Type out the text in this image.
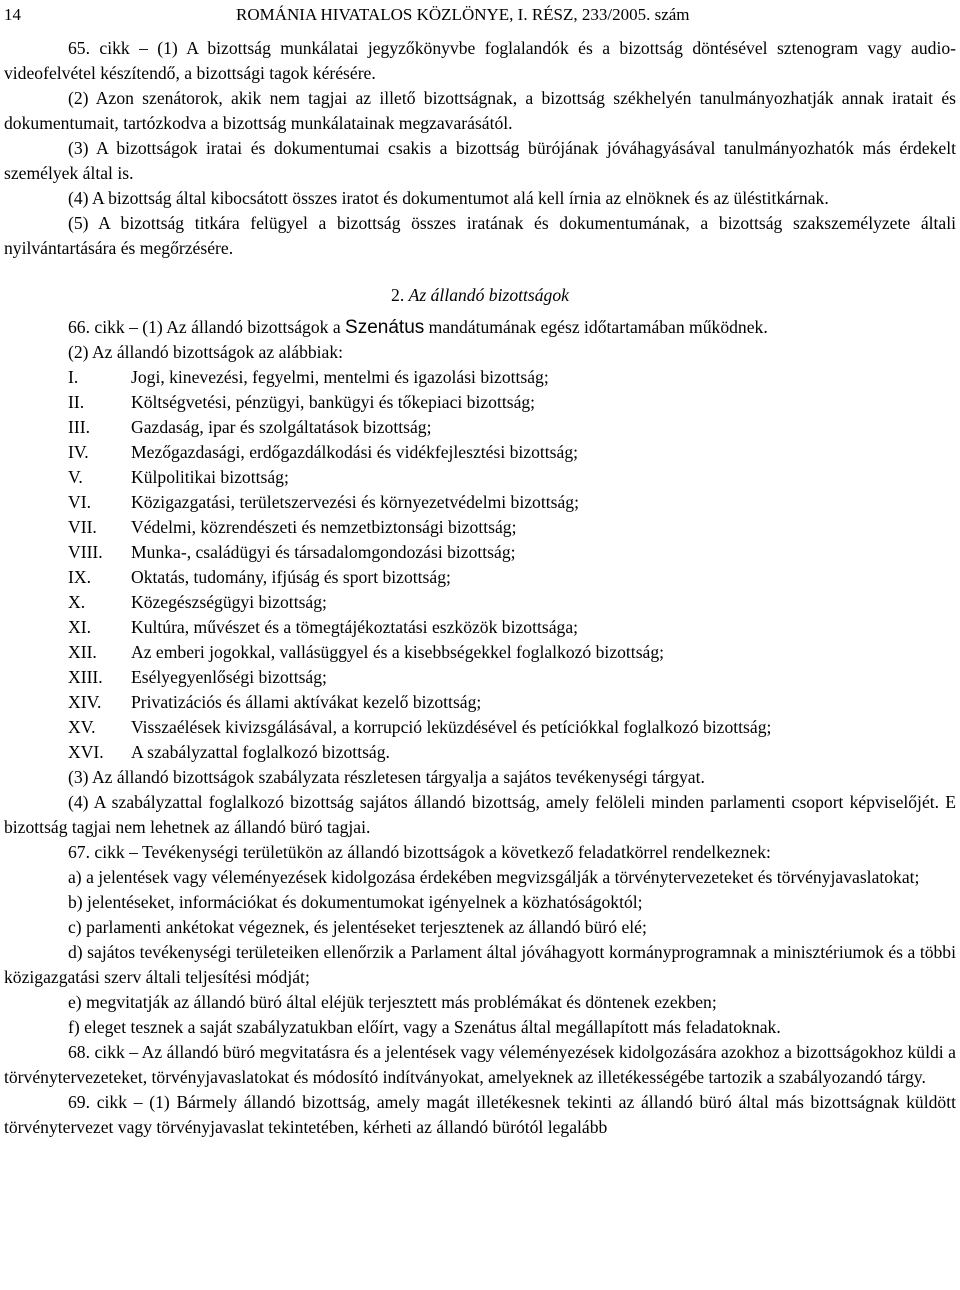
14	ROMÁNIA HIVATALOS KÖZLÖNYE, I. RÉSZ, 233/2005. szám

65. cikk – (1) A bizottság munkálatai jegyzőkönyvbe foglalandók és a bizottság döntésével sztenogram vagy audio-videofelvétel készítendő, a bizottsági tagok kérésére.

(2) Azon szenátorok, akik nem tagjai az illető bizottságnak, a bizottság székhelyén tanulmányozhatják annak iratait és dokumentumait, tartózkodva a bizottság munkálatainak megzavarásától.

(3) A bizottságok iratai és dokumentumai csakis a bizottság bürójának jóváhagyásával tanulmányozhatók más érdekelt személyek által is.

(4) A bizottság által kibocsátott összes iratot és dokumentumot alá kell írnia az elnöknek és az üléstitkárnak.

(5) A bizottság titkára felügyel a bizottság összes iratának és dokumentumának, a bizottság szakszemélyzete általi nyilvántartására és megőrzésére.

2. Az állandó bizottságok

66. cikk – (1) Az állandó bizottságok a Szenátus mandátumának egész időtartamában működnek.

(2) Az állandó bizottságok az alábbiak:

I.	Jogi, kinevezési, fegyelmi, mentelmi és igazolási bizottság;
II.	Költségvetési, pénzügyi, bankügyi és tőkepiaci bizottság;
III. Gazdaság, ipar és szolgáltatások bizottság;
IV. Mezőgazdasági, erdőgazdálkodási és vidékfejlesztési bizottság;
V.	Külpolitikai bizottság;
VI. Közigazgatási, területszervezési és környezetvédelmi bizottság;
VII. Védelmi, közrendészeti és nemzetbiztonsági bizottság;
VIII. Munka-, családügyi és társadalomgondozási bizottság;
IX. Oktatás, tudomány, ifjúság és sport bizottság;
X.	Közegészségügyi bizottság;
XI. Kultúra, művészet és a tömegtájékoztatási eszközök bizottsága;
XII. Az emberi jogokkal, vallásüggyel és a kisebbségekkel foglalkozó bizottság;
XIII. Esélyegyenlőségi bizottság;
XIV. Privatizációs és állami aktívákat kezelő bizottság;
XV. Visszaélések kivizsgálásával, a korrupció leküzdésével és petíciókkal foglalkozó bizottság;
XVI. A szabályzattal foglalkozó bizottság.

(3) Az állandó bizottságok szabályzata részletesen tárgyalja a sajátos tevékenységi tárgyat.

(4) A szabályzattal foglalkozó bizottság sajátos állandó bizottság, amely felöleli minden parlamenti csoport képviselőjét. E bizottság tagjai nem lehetnek az állandó büró tagjai.

67. cikk – Tevékenységi területükön az állandó bizottságok a következő feladatkörrel rendelkeznek:

a) a jelentések vagy véleményezések kidolgozása érdekében megvizsgálják a törvénytervezeteket és törvényjavaslatokat;

b) jelentéseket, információkat és dokumentumokat igényelnek a közhatóságoktól;

c) parlamenti ankétokat végeznek, és jelentéseket terjesztenek az állandó büró elé;

d) sajátos tevékenységi területeiken ellenőrzik a Parlament által jóváhagyott kormányprogramnak a minisztériumok és a többi közigazgatási szerv általi teljesítési módját;

e) megvitatják az állandó büró által eléjük terjesztett más problémákat és döntenek ezekben;

f) eleget tesznek a saját szabályzatukban előírt, vagy a Szenátus által megállapított más feladatoknak.

68. cikk – Az állandó büró megvitatásra és a jelentések vagy véleményezések kidolgozására azokhoz a bizottságokhoz küldi a törvénytervezeteket, törvényjavaslatokat és módosító indítványokat, amelyeknek az illetékességébe tartozik a szabályozandó tárgy.

69. cikk – (1) Bármely állandó bizottság, amely magát illetékesnek tekinti az állandó büró által más bizottságnak küldött törvénytervezet vagy törvényjavaslat tekintetében, kérheti az állandó bürótól legalább
